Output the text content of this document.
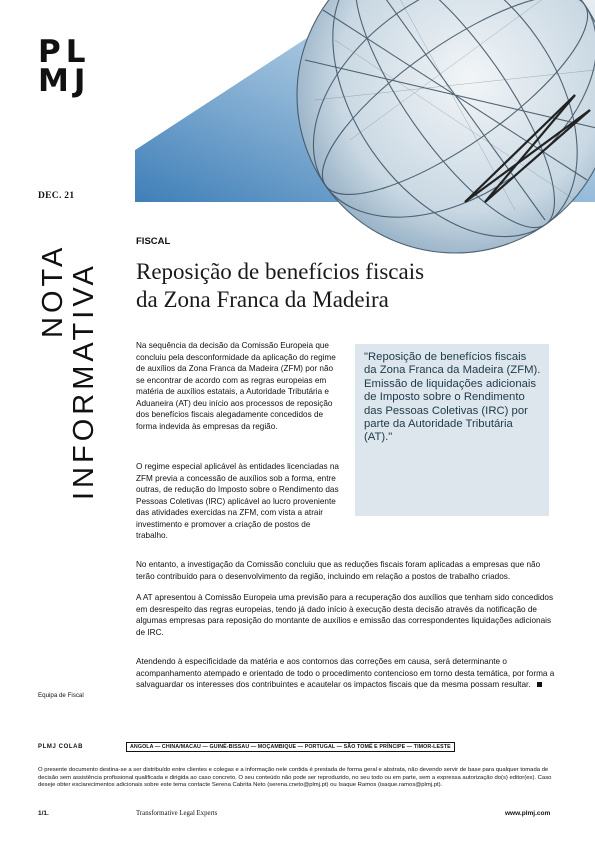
PL
MJ
DEC. 21
NOTA INFORMATIVA
FISCAL
Reposição de benefícios fiscais
da Zona Franca da Madeira
Na sequência da decisão da Comissão Europeia que concluiu pela desconformidade da aplicação do regime de auxílios da Zona Franca da Madeira (ZFM) por não se encontrar de acordo com as regras europeias em matéria de auxílios estatais, a Autoridade Tributária e Aduaneira (AT) deu início aos processos de reposição dos benefícios fiscais alegadamente concedidos de forma indevida às empresas da região.
O regime especial aplicável às entidades licenciadas na ZFM previa a concessão de auxílios sob a forma, entre outras, de redução do Imposto sobre o Rendimento das Pessoas Coletivas (IRC) aplicável ao lucro proveniente das atividades exercidas na ZFM, com vista a atrair investimento e promover a criação de postos de trabalho.
"Reposição de benefícios fiscais da Zona Franca da Madeira (ZFM). Emissão de liquidações adicionais de Imposto sobre o Rendimento das Pessoas Coletivas (IRC) por parte da Autoridade Tributária (AT)."
No entanto, a investigação da Comissão concluiu que as reduções fiscais foram aplicadas a empresas que não terão contribuído para o desenvolvimento da região, incluindo em relação a postos de trabalho criados.
A AT apresentou à Comissão Europeia uma previsão para a recuperação dos auxílios que tenham sido concedidos em desrespeito das regras europeias, tendo já dado início à execução desta decisão através da notificação de algumas empresas para reposição do montante de auxílios e emissão das correspondentes liquidações adicionais de IRC.
Atendendo à especificidade da matéria e aos contornos das correções em causa, será determinante o acompanhamento atempado e orientado de todo o procedimento contencioso em torno desta temática, por forma a salvaguardar os interesses dos contribuintes e acautelar os impactos fiscais que da mesma possam resultar.
Equipa de Fiscal
PLMJ COLAB	ANGOLA — CHINA/MACAU — GUINÉ-BISSAU — MOÇAMBIQUE — PORTUGAL — SÃO TOMÉ E PRÍNCIPE — TIMOR-LESTE
O presente documento destina-se a ser distribuído entre clientes e colegas e a informação nele contida é prestada de forma geral e abstrata, não devendo servir de base para qualquer tomada de decisão sem assistência profissional qualificada e dirigida ao caso concreto. O seu conteúdo não pode ser reproduzido, no seu todo ou em parte, sem a expressa autorização do(s) editor(es). Caso deseje obter esclarecimentos adicionais sobre este tema contacte Serena Cabrita Neto (serena.cneto@plmj.pt) ou Isaque Ramos (isaque.ramos@plmj.pt).
1/1.	Transformative Legal Experts	www.plmj.com
